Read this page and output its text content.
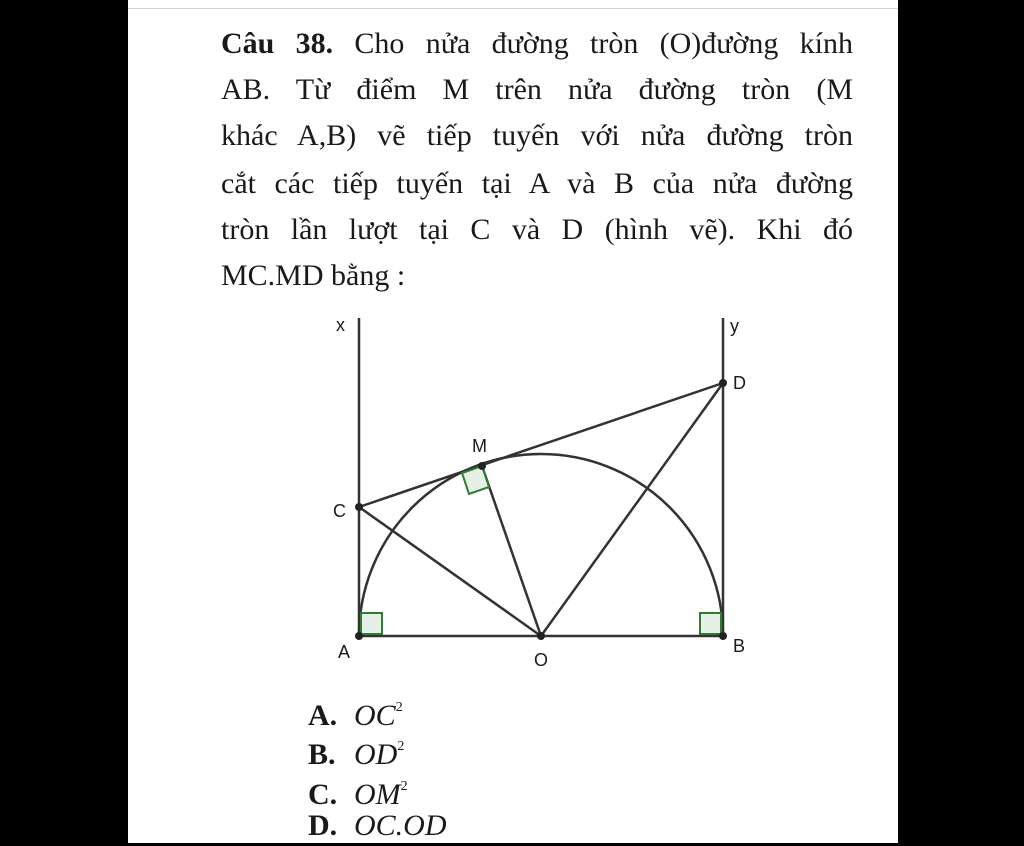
Câu 38. Cho nửa đường tròn (O)đường kính
AB. Từ điểm M trên nửa đường tròn (M
khác A,B) vẽ tiếp tuyến với nửa đường tròn
cắt các tiếp tuyến tại A và B của nửa đường
tròn lần lượt tại C và D (hình vẽ). Khi đó
MC.MD bằng :
x	y
D
M
C
A	O
B
A. $OC^2$
B. $OD^2$
C. $OM^2$
D. OC.OD
